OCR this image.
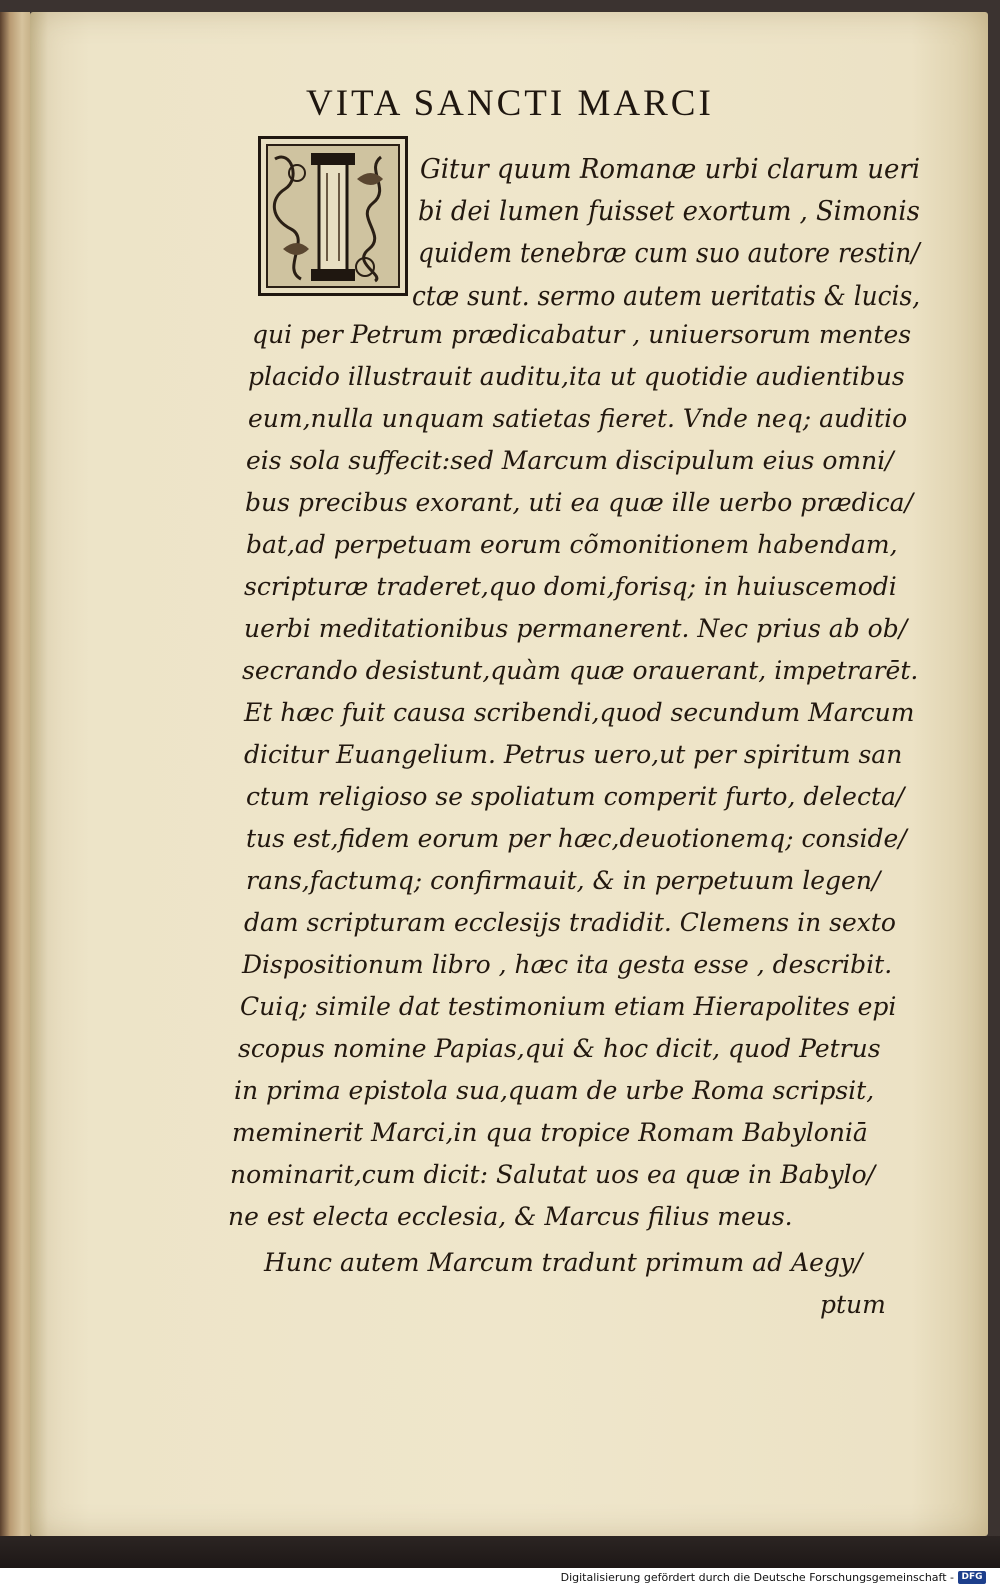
VITA SANCTI MARCI
Gitur quum Romanæ urbi clarum ueri
bi dei lumen fuisset exortum , Simonis
quidem tenebræ cum suo autore restin/
ctæ sunt. sermo autem ueritatis & lucis,
qui per Petrum prædicabatur , uniuersorum mentes
placido illustrauit auditu,ita ut quotidie audientibus
eum,nulla unquam satietas fieret. Vnde neq; auditio
eis sola suffecit:sed Marcum discipulum eius omni/
bus precibus exorant, uti ea quæ ille uerbo prædica/
bat,ad perpetuam eorum cõmonitionem habendam,
scripturæ traderet,quo domi,forisq; in huiuscemodi
uerbi meditationibus permanerent. Nec prius ab ob/
secrando desistunt,quàm quæ orauerant, impetrarēt.
Et hæc fuit causa scribendi,quod secundum Marcum
dicitur Euangelium. Petrus uero,ut per spiritum san
ctum religioso se spoliatum comperit furto, delecta/
tus est,fidem eorum per hæc,deuotionemq; conside/
rans,factumq; confirmauit, & in perpetuum legen/
dam scripturam ecclesijs tradidit. Clemens in sexto
Dispositionum libro , hæc ita gesta esse , describit.
Cuiq; simile dat testimonium etiam Hierapolites epi
scopus nomine Papias,qui & hoc dicit, quod Petrus
in prima epistola sua,quam de urbe Roma scripsit,
meminerit Marci,in qua tropice Romam Babyloniā
nominarit,cum dicit: Salutat uos ea quæ in Babylo/
ne est electa ecclesia, & Marcus filius meus.
Hunc autem Marcum tradunt primum ad Aegy/
ptum
Digitalisierung gefördert durch die Deutsche Forschungsgemeinschaft - DFG
